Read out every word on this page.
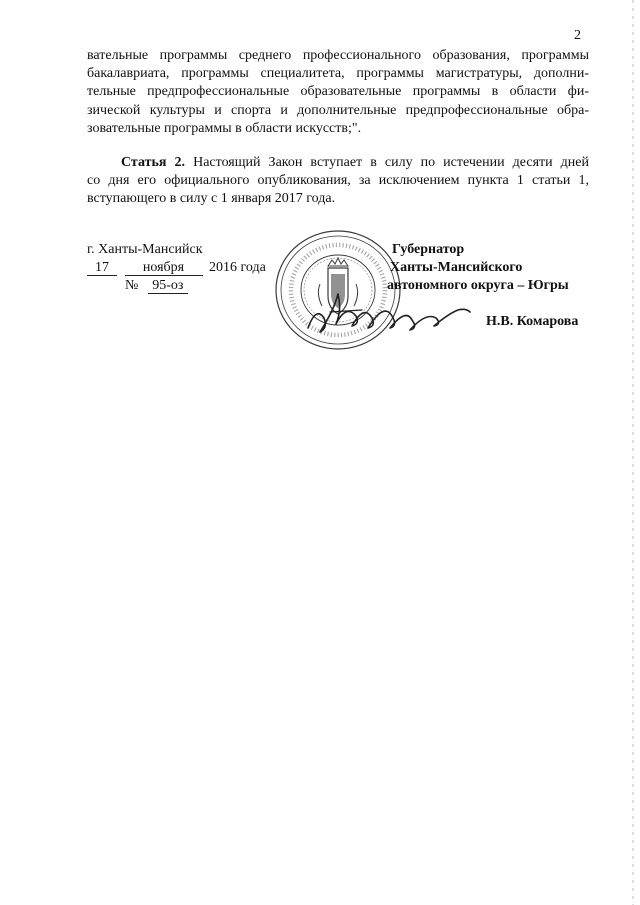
2
вательные программы среднего профессионального образования, программы
бакалавриата, программы специалитета, программы магистратуры, дополни-
тельные предпрофессиональные образовательные программы в области фи-
зической культуры и спорта и дополнительные предпрофессиональные обра-
зовательные программы в области искусств;".
Статья 2. Настоящий Закон вступает в силу по истечении десяти дней
со дня его официального опубликования, за исключением пункта 1 статьи 1,
вступающего в силу с 1 января 2017 года.
г. Ханты-Мансийск
17 ноября 2016 года
№ 95-оз
Губернатор
Ханты-Мансийского
автономного округа – Югры
Н.В. Комарова
